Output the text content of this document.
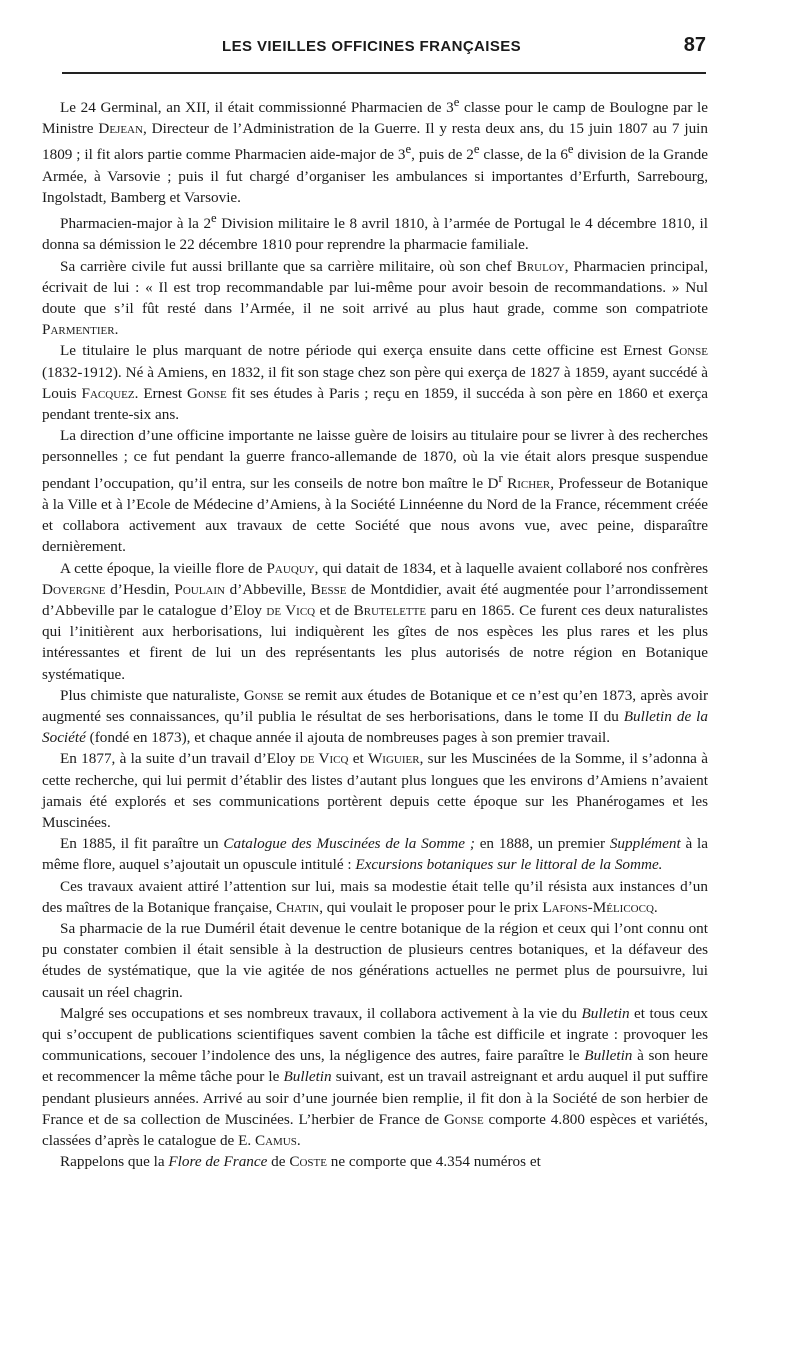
LES VIEILLES OFFICINES FRANÇAISES	87

Le 24 Germinal, an XII, il était commissionné Pharmacien de 3e classe pour le camp de Boulogne par le Ministre Dejean, Directeur de l’Administration de la Guerre. Il y resta deux ans, du 15 juin 1807 au 7 juin 1809 ; il fit alors partie comme Pharmacien aide-major de 3e, puis de 2e classe, de la 6e division de la Grande Armée, à Varsovie ; puis il fut chargé d’organiser les ambulances si importantes d’Erfurth, Sarrebourg, Ingolstadt, Bamberg et Varsovie.

Pharmacien-major à la 2e Division militaire le 8 avril 1810, à l’armée de Portugal le 4 décembre 1810, il donna sa démission le 22 décembre 1810 pour reprendre la pharmacie familiale.

Sa carrière civile fut aussi brillante que sa carrière militaire, où son chef Bruloy, Pharmacien principal, écrivait de lui : « Il est trop recommandable par lui-même pour avoir besoin de recommandations. » Nul doute que s’il fût resté dans l’Armée, il ne soit arrivé au plus haut grade, comme son compatriote Parmentier.

Le titulaire le plus marquant de notre période qui exerça ensuite dans cette officine est Ernest Gonse (1832-1912). Né à Amiens, en 1832, il fit son stage chez son père qui exerça de 1827 à 1859, ayant succédé à Louis Facquez. Ernest Gonse fit ses études à Paris ; reçu en 1859, il succéda à son père en 1860 et exerça pendant trente-six ans.

La direction d’une officine importante ne laisse guère de loisirs au titulaire pour se livrer à des recherches personnelles ; ce fut pendant la guerre franco-allemande de 1870, où la vie était alors presque suspendue pendant l’occupation, qu’il entra, sur les conseils de notre bon maître le $D^r$ Richer, Professeur de Botanique à la Ville et à l’Ecole de Médecine d’Amiens, à la Société Linnéenne du Nord de la France, récemment créée et collabora activement aux travaux de cette Société que nous avons vue, avec peine, disparaître dernièrement.

A cette époque, la vieille flore de Pauquy, qui datait de 1834, et à laquelle avaient collaboré nos confrères Dovergne d’Hesdin, Poulain d’Abbeville, Besse de Montdidier, avait été augmentée pour l’arrondissement d’Abbeville par le catalogue d’Eloy de Vicq et de Brutelette paru en 1865. Ce furent ces deux naturalistes qui l’initièrent aux herborisations, lui indiquèrent les gîtes de nos espèces les plus rares et les plus intéressantes et firent de lui un des représentants les plus autorisés de notre région en Botanique systématique.

Plus chimiste que naturaliste, Gonse se remit aux études de Botanique et ce n’est qu’en 1873, après avoir augmenté ses connaissances, qu’il publia le résultat de ses herborisations, dans le tome II du Bulletin de la Société (fondé en 1873), et chaque année il ajouta de nombreuses pages à son premier travail.

En 1877, à la suite d’un travail d’Eloy de Vicq et Wiguier, sur les Muscinées de la Somme, il s’adonna à cette recherche, qui lui permit d’établir des listes d’autant plus longues que les environs d’Amiens n’avaient jamais été explorés et ses communications portèrent depuis cette époque sur les Phanérogames et les Muscinées.

En 1885, il fit paraître un Catalogue des Muscinées de la Somme ; en 1888, un premier Supplément à la même flore, auquel s’ajoutait un opuscule intitulé : Excursions botaniques sur le littoral de la Somme.

Ces travaux avaient attiré l’attention sur lui, mais sa modestie était telle qu’il résista aux instances d’un des maîtres de la Botanique française, Chatin, qui voulait le proposer pour le prix Lafons-Mélicocq.

Sa pharmacie de la rue Duméril était devenue le centre botanique de la région et ceux qui l’ont connu ont pu constater combien il était sensible à la destruction de plusieurs centres botaniques, et la défaveur des études de systématique, que la vie agitée de nos générations actuelles ne permet plus de poursuivre, lui causait un réel chagrin.

Malgré ses occupations et ses nombreux travaux, il collabora activement à la vie du Bulletin et tous ceux qui s’occupent de publications scientifiques savent combien la tâche est difficile et ingrate : provoquer les communications, secouer l’indolence des uns, la négligence des autres, faire paraître le Bulletin à son heure et recommencer la même tâche pour le Bulletin suivant, est un travail astreignant et ardu auquel il put suffire pendant plusieurs années. Arrivé au soir d’une journée bien remplie, il fit don à la Société de son herbier de France et de sa collection de Muscinées. L’herbier de France de Gonse comporte 4.800 espèces et variétés, classées d’après le catalogue de E. Camus.

Rappelons que la Flore de France de Coste ne comporte que 4.354 numéros et
